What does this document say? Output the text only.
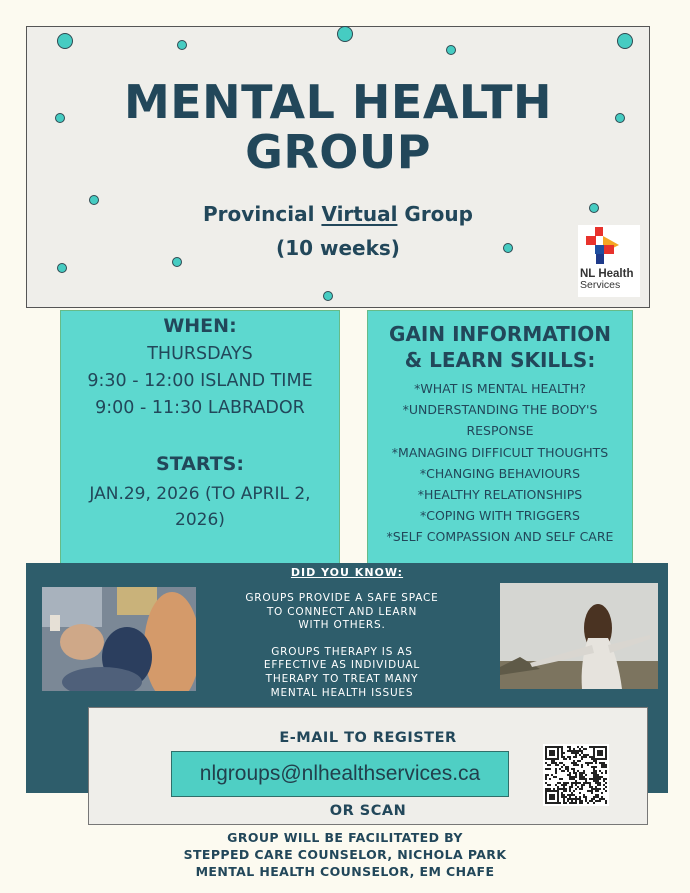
MENTAL HEALTH
GROUP
Provincial Virtual Group
(10 weeks)
NL Health
Services
WHEN:
THURSDAYS
9:30 - 12:00 ISLAND TIME
9:00 - 11:30 LABRADOR
STARTS:
JAN.29, 2026 (TO APRIL 2,
2026)
GAIN INFORMATION
& LEARN SKILLS:
*WHAT IS MENTAL HEALTH?
*UNDERSTANDING THE BODY'S
RESPONSE
*MANAGING DIFFICULT THOUGHTS
*CHANGING BEHAVIOURS
*HEALTHY RELATIONSHIPS
*COPING WITH TRIGGERS
*SELF COMPASSION AND SELF CARE
DID YOU KNOW:

GROUPS PROVIDE A SAFE SPACE
TO CONNECT AND LEARN
WITH OTHERS.

GROUPS THERAPY IS AS
EFFECTIVE AS INDIVIDUAL
THERAPY TO TREAT MANY
MENTAL HEALTH ISSUES

E-MAIL TO REGISTER
nlgroups@nlhealthservices.ca
OR SCAN
GROUP WILL BE FACILITATED BY
STEPPED CARE COUNSELOR, NICHOLA PARK
MENTAL HEALTH COUNSELOR, EM CHAFE
